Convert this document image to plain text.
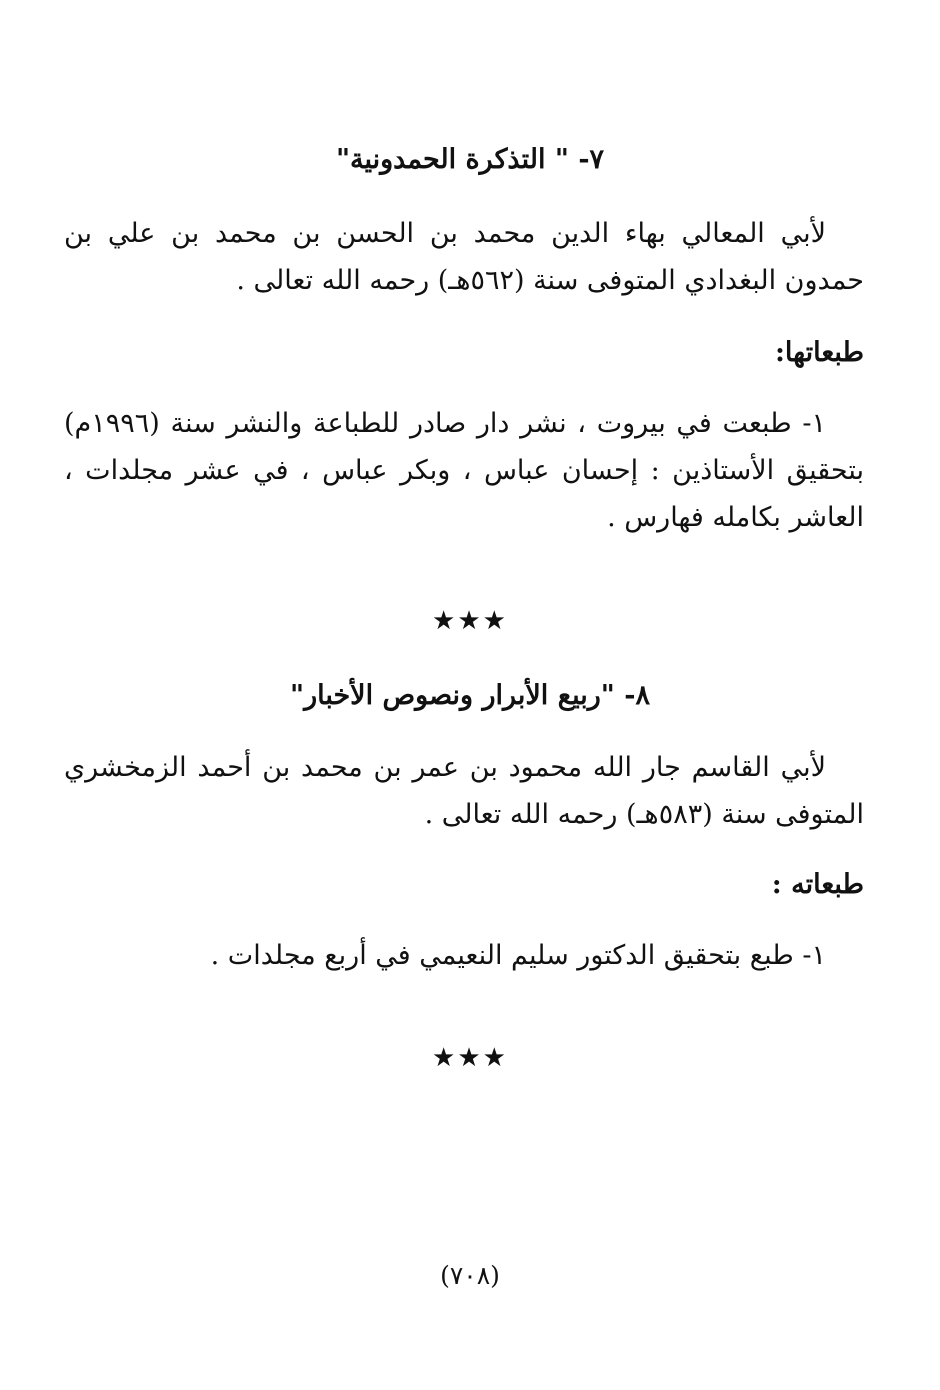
٧- " التذكرة الحمدونية"
لأبي المعالي بهاء الدين محمد بن الحسن بن محمد بن علي بن حمدون البغدادي المتوفى سنة (٥٦٢هـ) رحمه الله تعالى .
طبعاتها:
١- طبعت في بيروت ، نشر دار صادر للطباعة والنشر سنة (١٩٩٦م) بتحقيق الأستاذين : إحسان عباس ، وبكر عباس ، في عشر مجلدات ، العاشر بكامله فهارس .
★★★
٨- "ربيع الأبرار ونصوص الأخبار"
لأبي القاسم جار الله محمود بن عمر بن محمد بن أحمد الزمخشري المتوفى سنة (٥٨٣هـ) رحمه الله تعالى .
طبعاته :
١- طبع بتحقيق الدكتور سليم النعيمي في أربع مجلدات .
★★★
(٧٠٨)
